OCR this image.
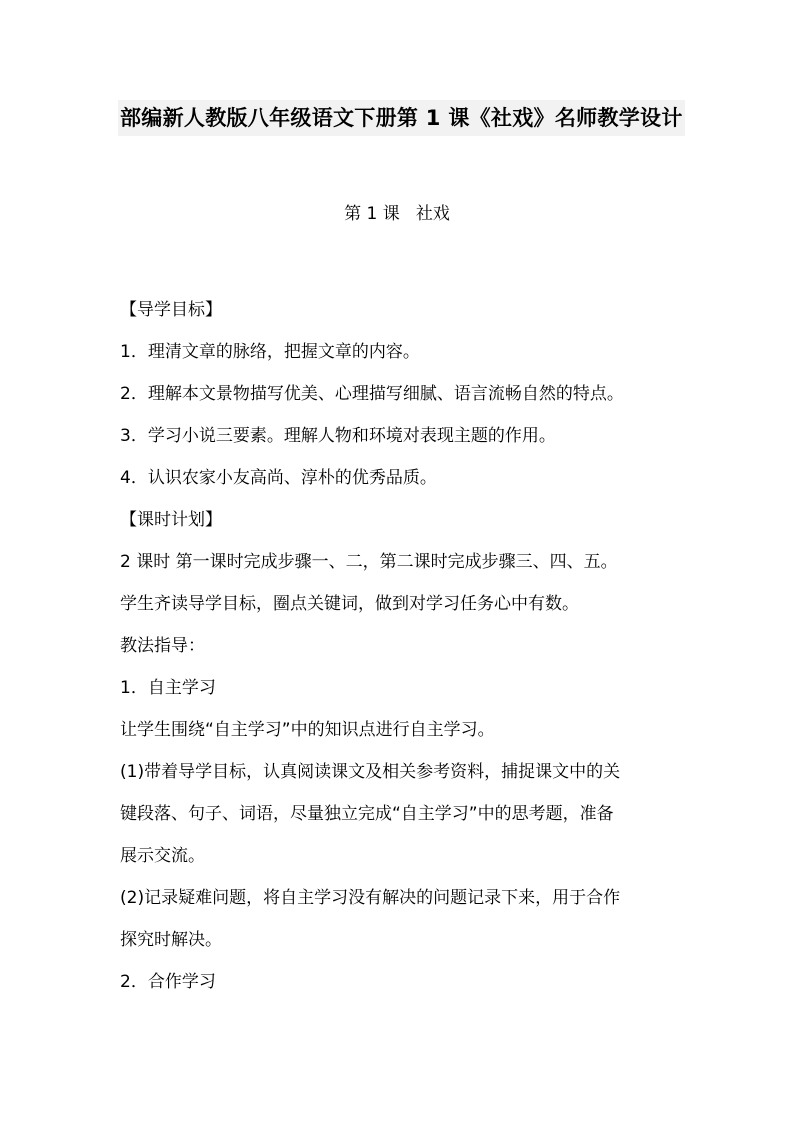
部编新人教版八年级语文下册第 1 课《社戏》名师教学设计
第 1 课   社戏
【导学目标】
1．理清文章的脉络，把握文章的内容。
2．理解本文景物描写优美、心理描写细腻、语言流畅自然的特点。
3．学习小说三要素。理解人物和环境对表现主题的作用。
4．认识农家小友高尚、淳朴的优秀品质。
【课时计划】
2 课时 第一课时完成步骤一、二，第二课时完成步骤三、四、五。
学生齐读导学目标，圈点关键词，做到对学习任务心中有数。
教法指导：
1．自主学习
让学生围绕“自主学习”中的知识点进行自主学习。
(1)带着导学目标，认真阅读课文及相关参考资料，捕捉课文中的关
键段落、句子、词语，尽量独立完成“自主学习”中的思考题，准备
展示交流。
(2)记录疑难问题，将自主学习没有解决的问题记录下来，用于合作
探究时解决。
2．合作学习
